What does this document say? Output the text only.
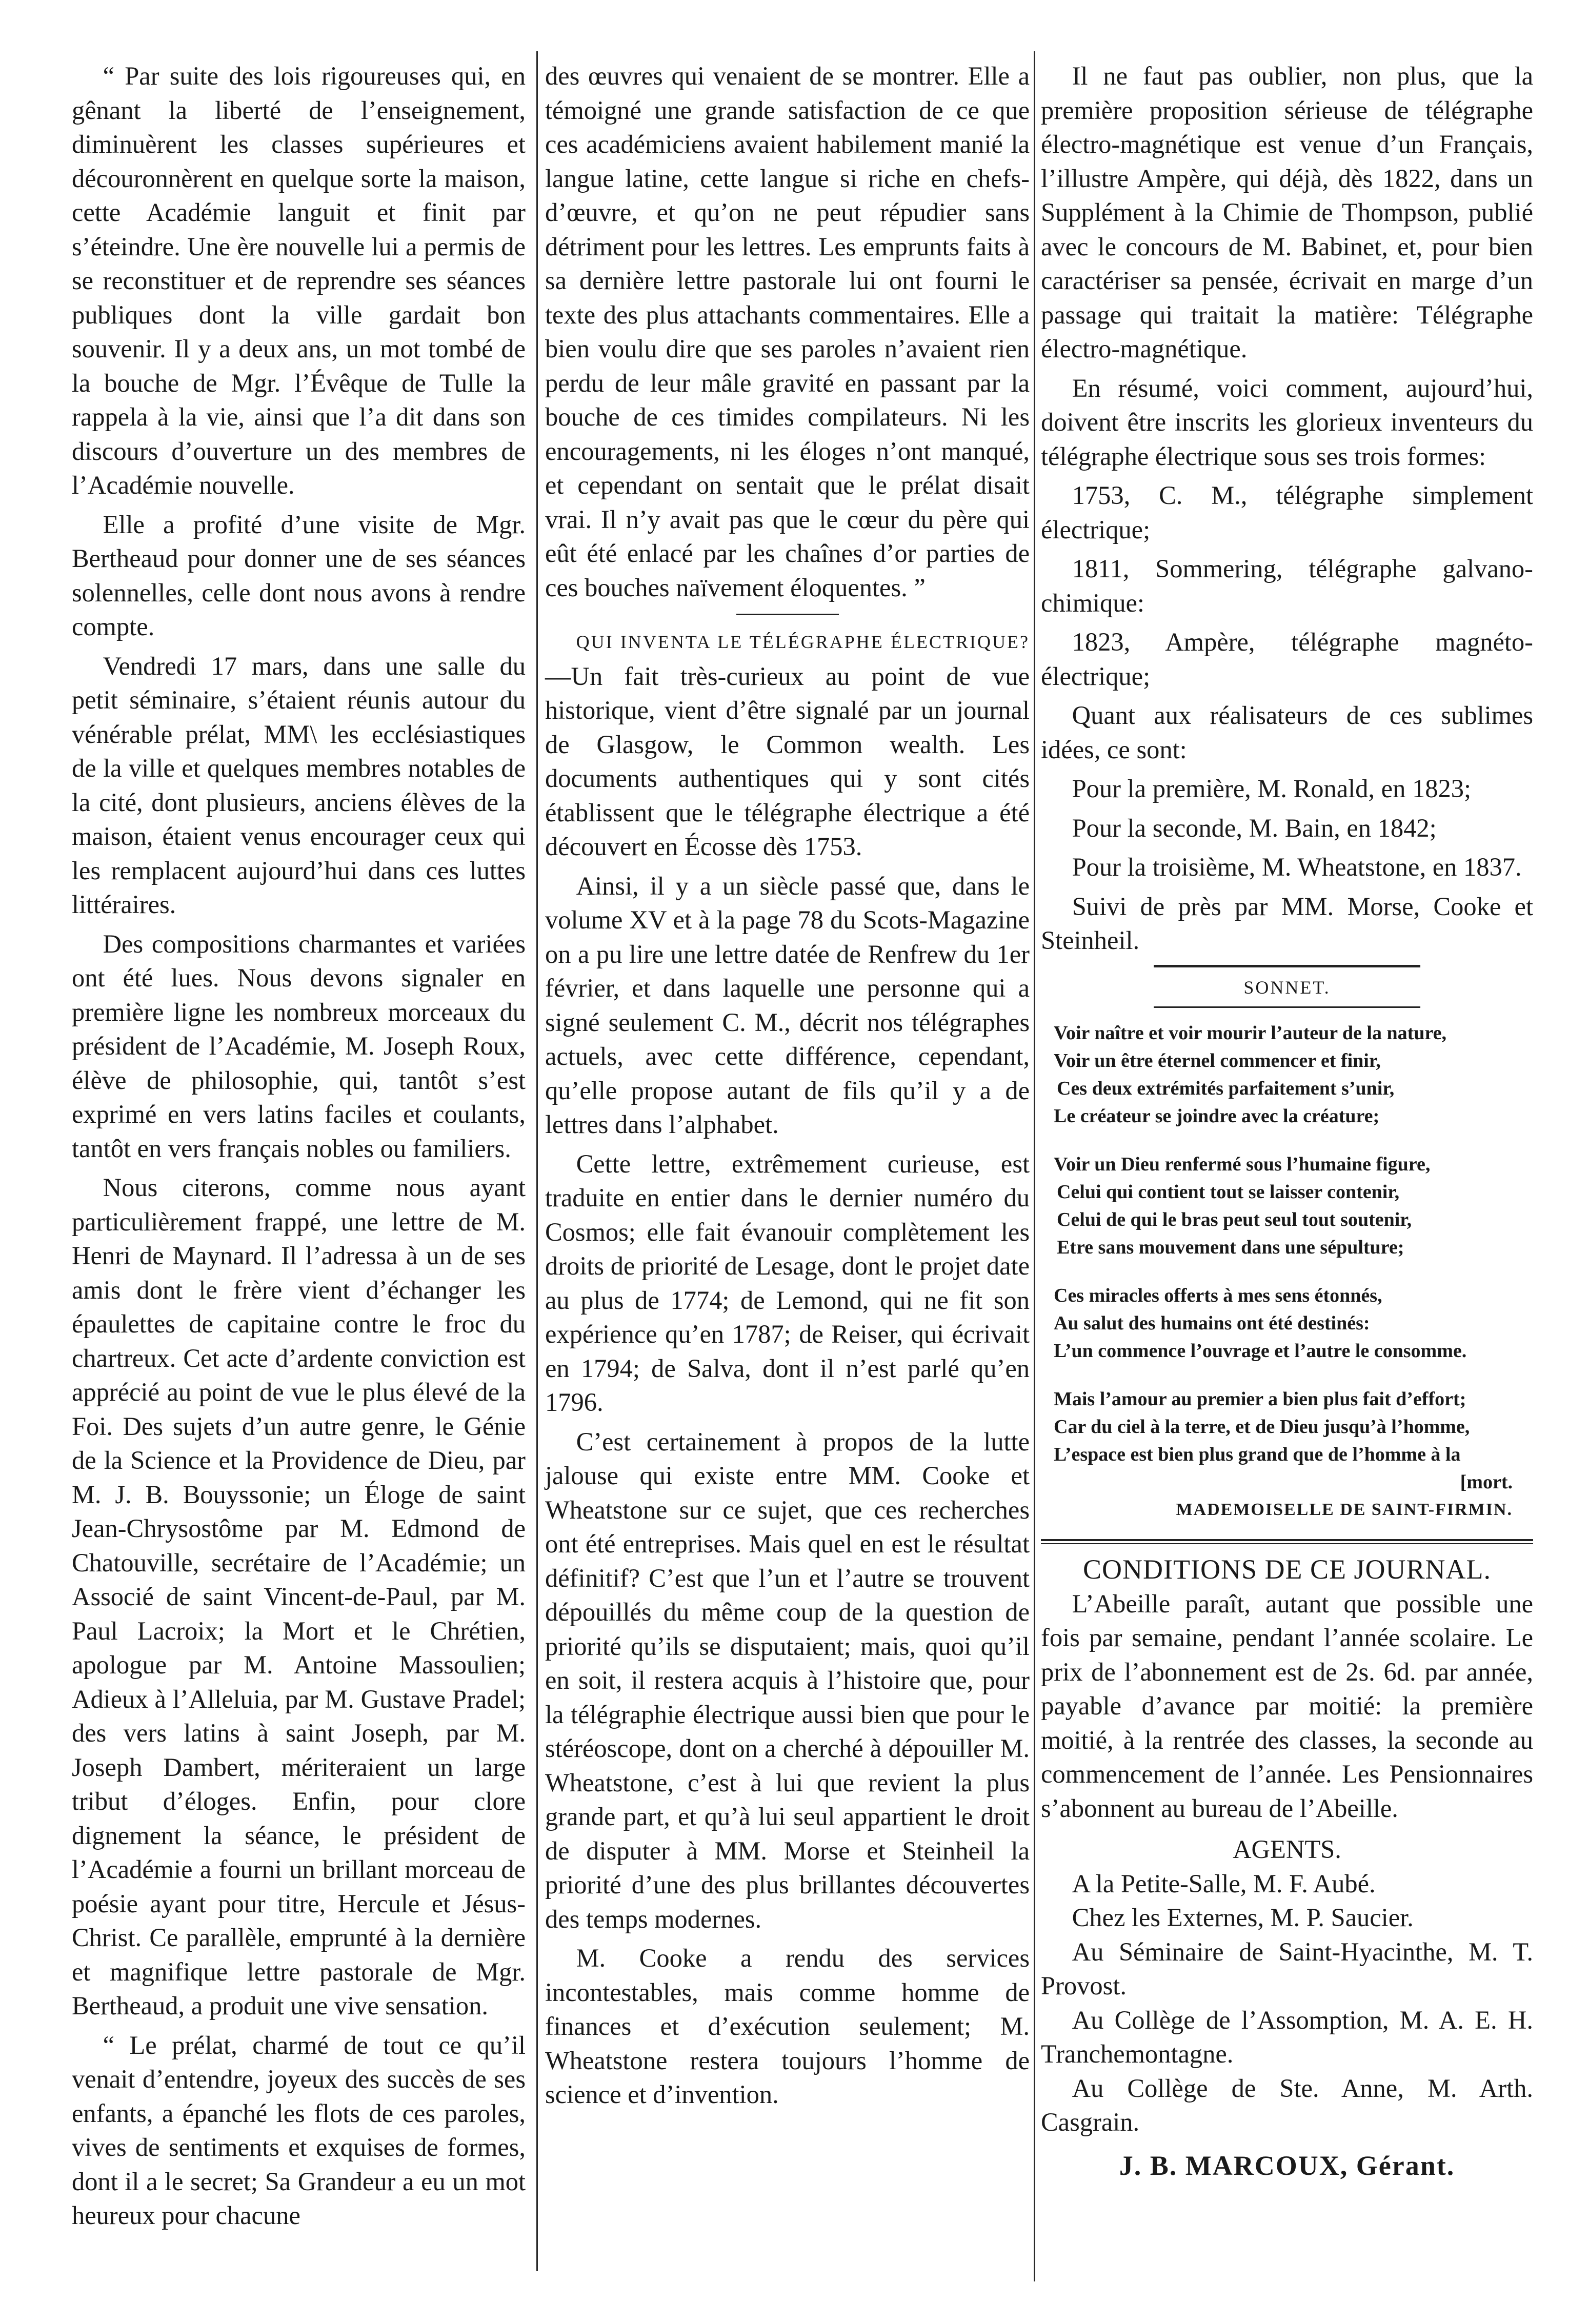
“ Par suite des lois rigoureuses qui, en gênant la liberté de l’enseignement, diminuèrent les classes supérieures et découronnèrent en quelque sorte la maison, cette Académie languit et finit par s’éteindre. Une ère nouvelle lui a permis de se reconstituer et de reprendre ses séances publiques dont la ville gardait bon souvenir. Il y a deux ans, un mot tombé de la bouche de Mgr. l’Évêque de Tulle la rappela à la vie, ainsi que l’a dit dans son discours d’ouverture un des membres de l’Académie nouvelle.

Elle a profité d’une visite de Mgr. Bertheaud pour donner une de ses séances solennelles, celle dont nous avons à rendre compte.

Vendredi 17 mars, dans une salle du petit séminaire, s’étaient réunis autour du vénérable prélat, MM\ les ecclésiastiques de la ville et quelques membres notables de la cité, dont plusieurs, anciens élèves de la maison, étaient venus encourager ceux qui les remplacent aujourd’hui dans ces luttes littéraires.

Des compositions charmantes et variées ont été lues. Nous devons signaler en première ligne les nombreux morceaux du président de l’Académie, M. Joseph Roux, élève de philosophie, qui, tantôt s’est exprimé en vers latins faciles et coulants, tantôt en vers français nobles ou familiers.

Nous citerons, comme nous ayant particulièrement frappé, une lettre de M. Henri de Maynard. Il l’adressa à un de ses amis dont le frère vient d’échanger les épaulettes de capitaine contre le froc du chartreux. Cet acte d’ardente conviction est apprécié au point de vue le plus élevé de la Foi. Des sujets d’un autre genre, le Génie de la Science et la Providence de Dieu, par M. J. B. Bouyssonie; un Éloge de saint Jean-Chrysostôme par M. Edmond de Chatouville, secrétaire de l’Académie; un Associé de saint Vincent-de-Paul, par M. Paul Lacroix; la Mort et le Chrétien, apologue par M. Antoine Massoulien; Adieux à l’Alleluia, par M. Gustave Pradel; des vers latins à saint Joseph, par M. Joseph Dambert, mériteraient un large tribut d’éloges. Enfin, pour clore dignement la séance, le président de l’Académie a fourni un brillant morceau de poésie ayant pour titre, Hercule et Jésus-Christ. Ce parallèle, emprunté à la dernière et magnifique lettre pastorale de Mgr. Bertheaud, a produit une vive sensation.

“ Le prélat, charmé de tout ce qu’il venait d’entendre, joyeux des succès de ses enfants, a épanché les flots de ces paroles, vives de sentiments et exquises de formes, dont il a le secret; Sa Grandeur a eu un mot heureux pour chacune

des œuvres qui venaient de se montrer. Elle a témoigné une grande satisfaction de ce que ces académiciens avaient habilement manié la langue latine, cette langue si riche en chefs-d’œuvre, et qu’on ne peut répudier sans détriment pour les lettres. Les emprunts faits à sa dernière lettre pastorale lui ont fourni le texte des plus attachants commentaires. Elle a bien voulu dire que ses paroles n’avaient rien perdu de leur mâle gravité en passant par la bouche de ces timides compilateurs. Ni les encouragements, ni les éloges n’ont manqué, et cependant on sentait que le prélat disait vrai. Il n’y avait pas que le cœur du père qui eût été enlacé par les chaînes d’or parties de ces bouches naïvement éloquentes. ”

QUI INVENTA LE TÉLÉGRAPHE ÉLECTRIQUE?—Un fait très-curieux au point de vue historique, vient d’être signalé par un journal de Glasgow, le Common wealth. Les documents authentiques qui y sont cités établissent que le télégraphe électrique a été découvert en Écosse dès 1753.

Ainsi, il y a un siècle passé que, dans le volume XV et à la page 78 du Scots-Magazine on a pu lire une lettre datée de Renfrew du 1er février, et dans laquelle une personne qui a signé seulement C. M., décrit nos télégraphes actuels, avec cette différence, cependant, qu’elle propose autant de fils qu’il y a de lettres dans l’alphabet.

Cette lettre, extrêmement curieuse, est traduite en entier dans le dernier numéro du Cosmos; elle fait évanouir complètement les droits de priorité de Lesage, dont le projet date au plus de 1774; de Lemond, qui ne fit son expérience qu’en 1787; de Reiser, qui écrivait en 1794; de Salva, dont il n’est parlé qu’en 1796.

C’est certainement à propos de la lutte jalouse qui existe entre MM. Cooke et Wheatstone sur ce sujet, que ces recherches ont été entreprises. Mais quel en est le résultat définitif? C’est que l’un et l’autre se trouvent dépouillés du même coup de la question de priorité qu’ils se disputaient; mais, quoi qu’il en soit, il restera acquis à l’histoire que, pour la télégraphie électrique aussi bien que pour le stéréoscope, dont on a cherché à dépouiller M. Wheatstone, c’est à lui que revient la plus grande part, et qu’à lui seul appartient le droit de disputer à MM. Morse et Steinheil la priorité d’une des plus brillantes découvertes des temps modernes.

M. Cooke a rendu des services incontestables, mais comme homme de finances et d’exécution seulement; M. Wheatstone restera toujours l’homme de science et d’invention.

Il ne faut pas oublier, non plus, que la première proposition sérieuse de télégraphe électro-magnétique est venue d’un Français, l’illustre Ampère, qui déjà, dès 1822, dans un Supplément à la Chimie de Thompson, publié avec le concours de M. Babinet, et, pour bien caractériser sa pensée, écrivait en marge d’un passage qui traitait la matière: Télégraphe électro-magnétique.

En résumé, voici comment, aujourd’hui, doivent être inscrits les glorieux inventeurs du télégraphe électrique sous ses trois formes:

1753, C. M., télégraphe simplement électrique;

1811, Sommering, télégraphe galvano-chimique:

1823, Ampère, télégraphe magnéto-électrique;

Quant aux réalisateurs de ces sublimes idées, ce sont:

Pour la première, M. Ronald, en 1823;

Pour la seconde, M. Bain, en 1842;

Pour la troisième, M. Wheatstone, en 1837.

Suivi de près par MM. Morse, Cooke et Steinheil.

SONNET.
Voir naître et voir mourir l’auteur de la nature,
Voir un être éternel commencer et finir,
Ces deux extrémités parfaitement s’unir,
Le créateur se joindre avec la créature;
Voir un Dieu renfermé sous l’humaine figure,
Celui qui contient tout se laisser contenir,
Celui de qui le bras peut seul tout soutenir,
Etre sans mouvement dans une sépulture;
Ces miracles offerts à mes sens étonnés,
Au salut des humains ont été destinés:
L’un commence l’ouvrage et l’autre le consomme.
Mais l’amour au premier a bien plus fait d’effort;
Car du ciel à la terre, et de Dieu jusqu’à l’homme,
L’espace est bien plus grand que de l’homme à la
[mort.
MADEMOISELLE DE SAINT-FIRMIN.
CONDITIONS DE CE JOURNAL.

L’Abeille paraît, autant que possible une fois par semaine, pendant l’année scolaire. Le prix de l’abonnement est de 2s. 6d. par année, payable d’avance par moitié: la première moitié, à la rentrée des classes, la seconde au commencement de l’année. Les Pensionnaires s’abonnent au bureau de l’Abeille.

AGENTS.

A la Petite-Salle, M. F. Aubé.

Chez les Externes, M. P. Saucier.

Au Séminaire de Saint-Hyacinthe, M. T. Provost.

Au Collège de l’Assomption, M. A. E. H. Tranchemontagne.

Au Collège de Ste. Anne, M. Arth. Casgrain.

J. B. MARCOUX, Gérant.
